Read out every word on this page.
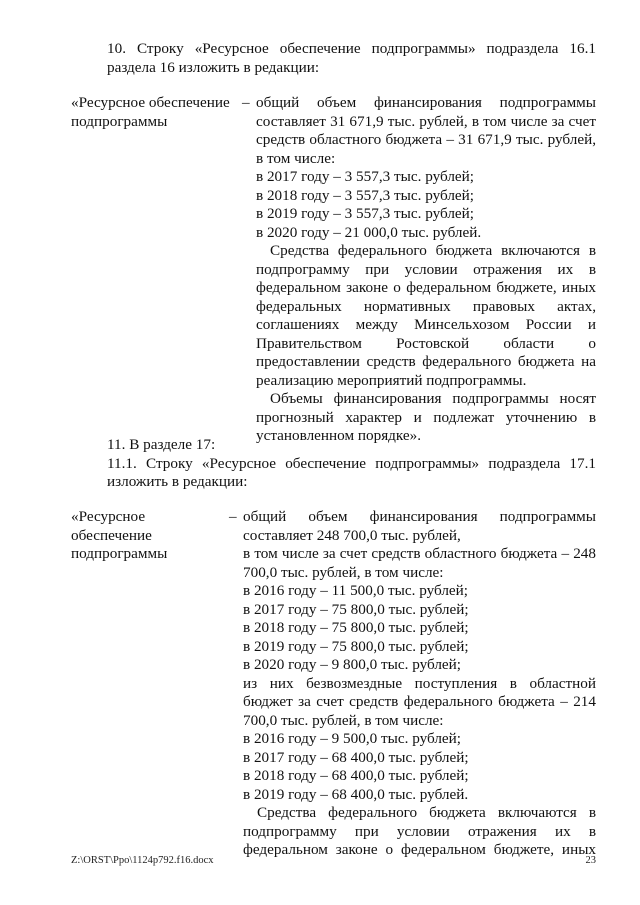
10. Строку «Ресурсное обеспечение подпрограммы» подраздела 16.1 раздела 16 изложить в редакции:
«Ресурсное обеспечение
подпрограммы
– общий объем финансирования подпрограммы составляет 31 671,9 тыс. рублей, в том числе за счет средств областного бюджета – 31 671,9 тыс. рублей, в том числе:
в 2017 году – 3 557,3 тыс. рублей;
в 2018 году – 3 557,3 тыс. рублей;
в 2019 году – 3 557,3 тыс. рублей;
в 2020 году – 21 000,0 тыс. рублей.
Средства федерального бюджета включаются в подпрограмму при условии отражения их в федеральном законе о федеральном бюджете, иных федеральных нормативных правовых актах, соглашениях между Минсельхозом России и Правительством Ростовской области о предоставлении средств федерального бюджета на реализацию мероприятий подпрограммы.
Объемы финансирования подпрограммы носят прогнозный характер и подлежат уточнению в установленном порядке».
11. В разделе 17:
11.1. Строку «Ресурсное обеспечение подпрограммы» подраздела 17.1 изложить в редакции:
«Ресурсное
обеспечение
подпрограммы
– общий объем финансирования подпрограммы составляет 248 700,0 тыс. рублей,
в том числе за счет средств областного бюджета – 248 700,0 тыс. рублей, в том числе:
в 2016 году – 11 500,0 тыс. рублей;
в 2017 году – 75 800,0 тыс. рублей;
в 2018 году – 75 800,0 тыс. рублей;
в 2019 году – 75 800,0 тыс. рублей;
в 2020 году – 9 800,0 тыс. рублей;
из них безвозмездные поступления в областной бюджет за счет средств федерального бюджета – 214 700,0 тыс. рублей, в том числе:
в 2016 году – 9 500,0 тыс. рублей;
в 2017 году – 68 400,0 тыс. рублей;
в 2018 году – 68 400,0 тыс. рублей;
в 2019 году – 68 400,0 тыс. рублей.
Средства федерального бюджета включаются в подпрограмму при условии отражения их в федеральном законе о федеральном бюджете, иных
Z:\ORST\Ppo\1124p792.f16.docx	23
